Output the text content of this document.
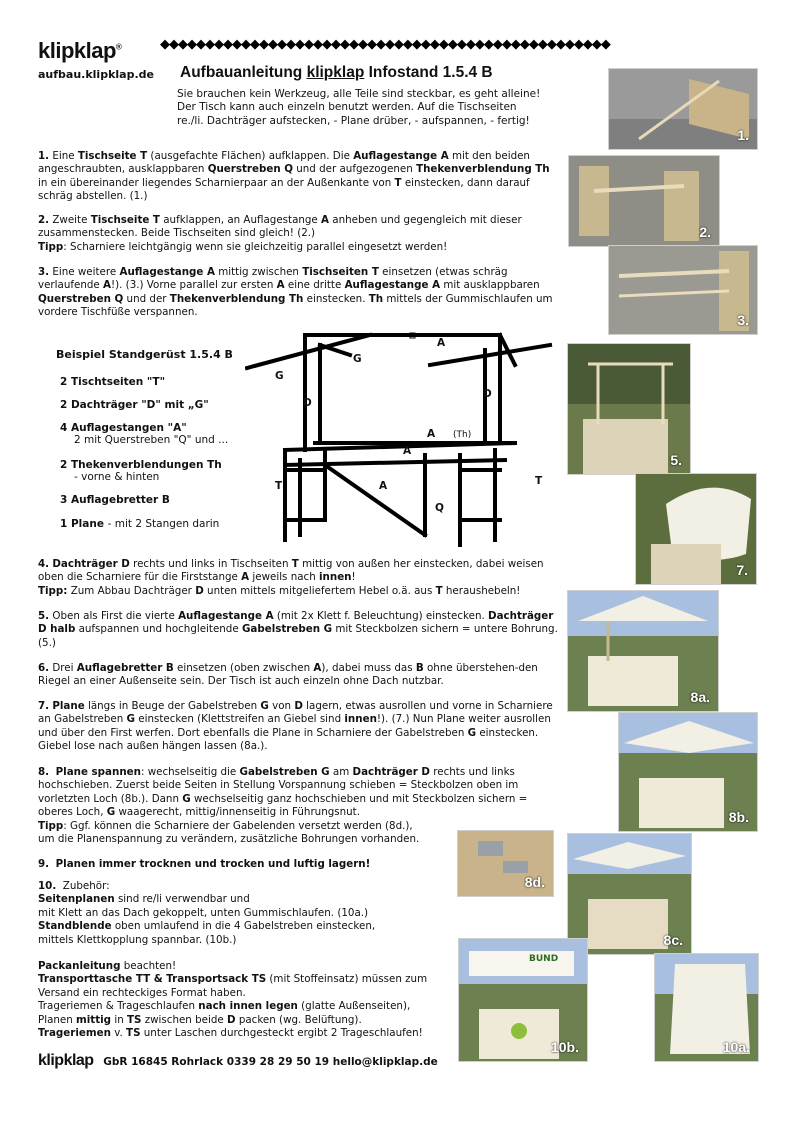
klipklap®	◆◆◆◆◆◆◆◆◆◆◆◆◆◆◆◆◆◆◆◆◆◆◆◆◆◆◆◆◆◆◆◆◆◆◆◆◆◆◆◆◆◆◆◆◆◆◆◆◆◆
aufbau.klipklap.de Aufbauanleitung klipklap Infostand 1.5.4 B
Sie brauchen kein Werkzeug, alle Teile sind steckbar, es geht alleine!
Der Tisch kann auch einzeln benutzt werden. Auf die Tischseiten
re./li. Dachträger aufstecken, - Plane drüber, - aufspannen, - fertig!
1. Eine Tischseite T (ausgefachte Flächen) aufklappen. Die Auflagestange A mit den beiden angeschraubten, ausklappbaren Querstreben Q und der aufgezogenen Thekenverblendung Th in ein übereinander liegendes Scharnierpaar an der Außenkante von T einstecken, dann darauf schräg abstellen. (1.)
2. Zweite Tischseite T aufklappen, an Auflagestange A anheben und gegengleich mit dieser zusammenstecken. Beide Tischseiten sind gleich! (2.)
Tipp: Scharniere leichtgängig wenn sie gleichzeitig parallel eingesetzt werden!
3. Eine weitere Auflagestange A mittig zwischen Tischseiten T einsetzen (etwas schräg verlaufende A!). (3.) Vorne parallel zur ersten A eine dritte Auflagestange A mit ausklappbaren Querstreben Q und der Thekenverblendung Th einstecken. Th mittels der Gummischlaufen um vordere Tischfüße verspannen.
Beispiel Standgerüst 1.5.4 B
2 Tischtseiten "T"
2 Dachträger "D" mit „G"
4 Auflagestangen "A"
2 mit Querstreben "Q" und ...
2 Thekenverblendungen Th
- vorne & hinten
3 Auflagebretter B
1 Plane - mit 2 Stangen darin
G
G
A
D
D
A (Th)
A
T	T
A
Q
4. Dachträger D rechts und links in Tischseiten T mittig von außen her einstecken, dabei weisen oben die Scharniere für die Firststange A jeweils nach innen!
Tipp: Zum Abbau Dachträger D unten mittels mitgeliefertem Hebel o.ä. aus T heraushebeln!
5. Oben als First die vierte Auflagestange A (mit 2x Klett f. Beleuchtung) einstecken. Dachträger D halb aufspannen und hochgleitende Gabelstreben G mit Steckbolzen sichern = untere Bohrung. (5.)
6. Drei Auflagebretter B einsetzen (oben zwischen A), dabei muss das B ohne überstehen-den Riegel an einer Außenseite sein. Der Tisch ist auch einzeln ohne Dach nutzbar.
7. Plane längs in Beuge der Gabelstreben G von D lagern, etwas ausrollen und vorne in Scharniere an Gabelstreben G einstecken (Klettstreifen an Giebel sind innen!). (7.) Nun Plane weiter ausrollen und über den First werfen. Dort ebenfalls die Plane in Scharniere der Gabelstreben G einstecken. Giebel lose nach außen hängen lassen (8a.).
8. Plane spannen: wechselseitig die Gabelstreben G am Dachträger D rechts und links hochschieben. Zuerst beide Seiten in Stellung Vorspannung schieben = Steckbolzen oben im vorletzten Loch (8b.). Dann G wechselseitig ganz hochschieben und mit Steckbolzen sichern = oberes Loch, G waagerecht, mittig/innenseitig in Führungsnut.
Tipp: Ggf. können die Scharniere der Gabelenden versetzt werden (8d.),
um die Planenspannung zu verändern, zusätzliche Bohrungen vorhanden.
9. Planen immer trocknen und trocken und luftig lagern!
10. Zubehör:
Seitenplanen sind re/li verwendbar und
mit Klett an das Dach gekoppelt, unten Gummischlaufen. (10a.)
Standblende oben umlaufend in die 4 Gabelstreben einstecken,
mittels Klettkopplung spannbar. (10b.)
Packanleitung beachten!
Transporttasche TT & Transportsack TS (mit Stoffeinsatz) müssen zum
Versand ein rechteckiges Format haben.
Trageriemen & Trageschlaufen nach innen legen (glatte Außenseiten),
Planen mittig in TS zwischen beide D packen (wg. Belüftung).
Trageriemen v. TS unter Laschen durchgesteckt ergibt 2 Trageschlaufen!
1.
2.
3.
5.
7.
8a.
8b.
8d.
8c.
BUND
10b.	10a.
klipklap GbR 16845 Rohrlack 0339 28 29 50 19 hello@klipklap.de
